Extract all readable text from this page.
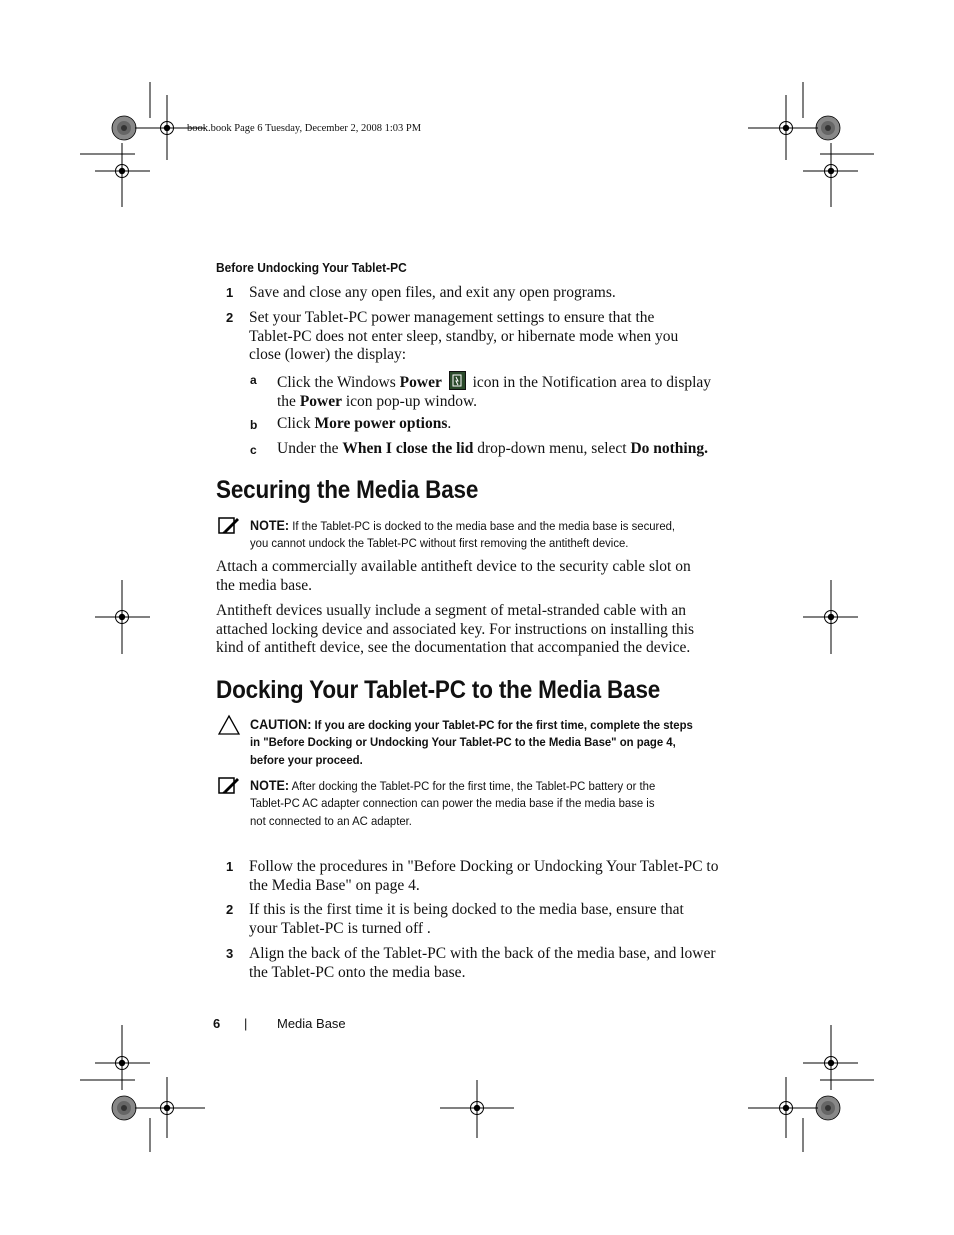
book.book Page 6 Tuesday, December 2, 2008 1:03 PM
Before Undocking Your Tablet-PC
1 Save and close any open files, and exit any open programs.
2 Set your Tablet-PC power management settings to ensure that the
Tablet-PC does not enter sleep, standby, or hibernate mode when you
close (lower) the display:
a Click the Windows Power
icon in the Notification area to display
the Power icon pop-up window.
b Click More power options.
c Under the When I close the lid drop-down menu, select Do nothing.
Securing the Media Base
NOTE: If the Tablet-PC is docked to the media base and the media base is secured,
you cannot undock the Tablet-PC without first removing the antitheft device.
Attach a commercially available antitheft device to the security cable slot on
the media base.
Antitheft devices usually include a segment of metal-stranded cable with an
attached locking device and associated key. For instructions on installing this
kind of antitheft device, see the documentation that accompanied the device.
Docking Your Tablet-PC to the Media Base
CAUTION: If you are docking your Tablet-PC for the first time, complete the steps
in "Before Docking or Undocking Your Tablet-PC to the Media Base" on page 4,
before your proceed.
NOTE: After docking the Tablet-PC for the first time, the Tablet-PC battery or the
Tablet-PC AC adapter connection can power the media base if the media base is
not connected to an AC adapter.
1 Follow the procedures in "Before Docking or Undocking Your Tablet-PC to
the Media Base" on page 4.
2 If this is the first time it is being docked to the media base, ensure that
your Tablet-PC is turned off .
3 Align the back of the Tablet-PC with the back of the media base, and lower
the Tablet-PC onto the media base.
6 | Media Base
